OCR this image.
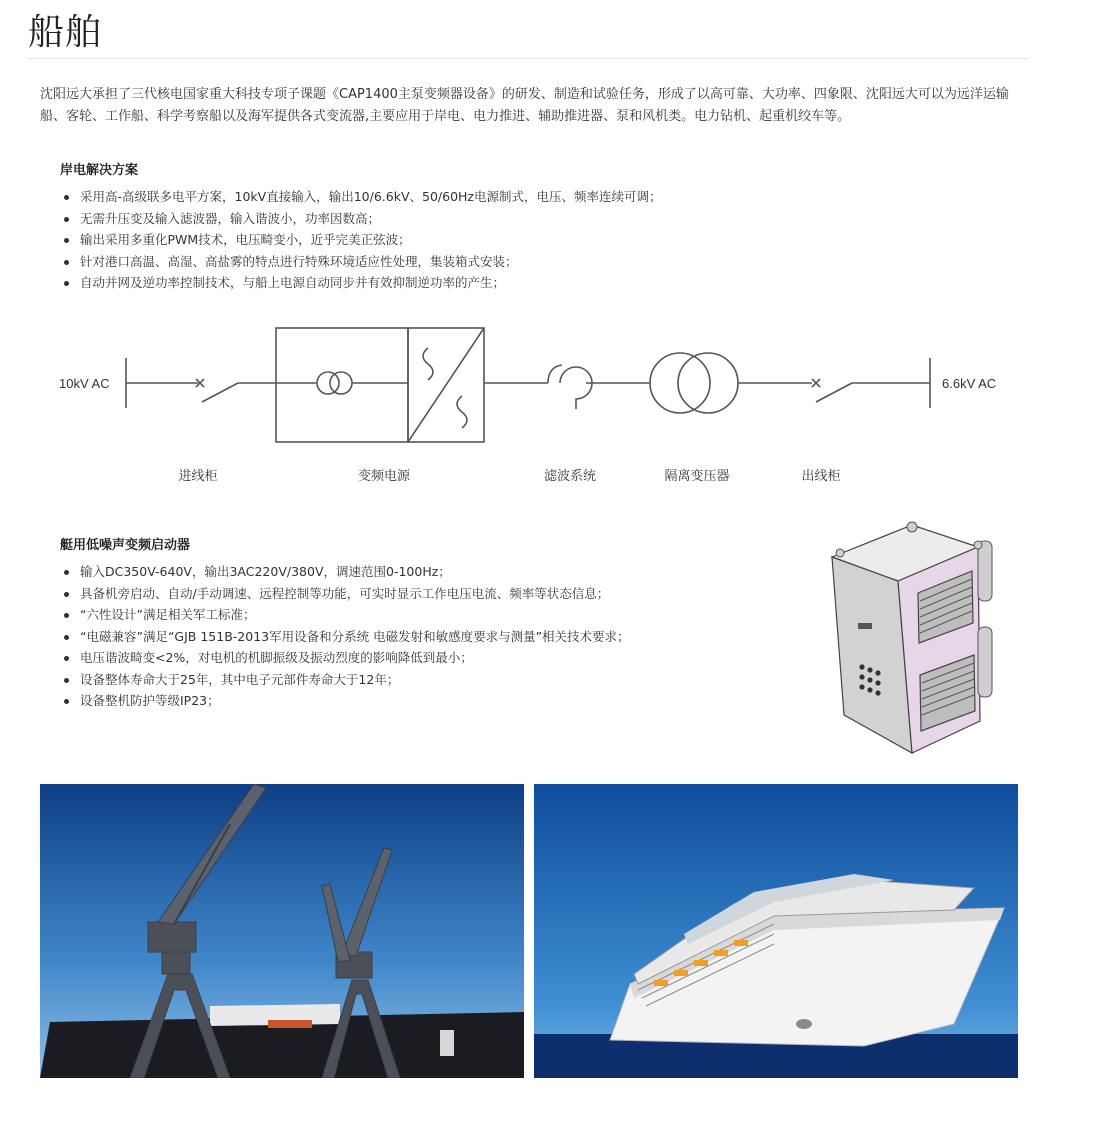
船舶

沈阳远大承担了三代核电国家重大科技专项子课题《CAP1400主泵变频器设备》的研发、制造和试验任务，形成了以高可靠、大功率、四象限、沈阳远大可以为远洋运输船、客轮、工作船、科学考察船以及海军提供各式变流器,主要应用于岸电、电力推进、辅助推进器、泵和风机类。电力钻机、起重机绞车等。

岸电解决方案
采用高-高级联多电平方案，10kV直接输入，输出10/6.6kV、50/60Hz电源制式，电压、频率连续可调；
无需升压变及输入滤波器，输入谐波小，功率因数高；
输出采用多重化PWM技术，电压畸变小，近乎完美正弦波；
针对港口高温、高湿、高盐雾的特点进行特殊环境适应性处理，集装箱式安装；
自动并网及逆功率控制技术，与船上电源自动同步并有效抑制逆功率的产生；
10kV AC	6.6kV AC
进线柜	变频电源	滤波系统	隔离变压器	出线柜
艇用低噪声变频启动器
输入DC350V-640V，输出3AC220V/380V，调速范围0-100Hz；
具备机旁启动、自动/手动调速、远程控制等功能，可实时显示工作电压电流、频率等状态信息；
“六性设计”满足相关军工标准；
“电磁兼容”满足“GJB 151B-2013军用设备和分系统 电磁发射和敏感度要求与测量”相关技术要求；
电压谐波畸变<2%，对电机的机脚振级及振动烈度的影响降低到最小；
设备整体寿命大于25年，其中电子元部件寿命大于12年；
设备整机防护等级IP23；
